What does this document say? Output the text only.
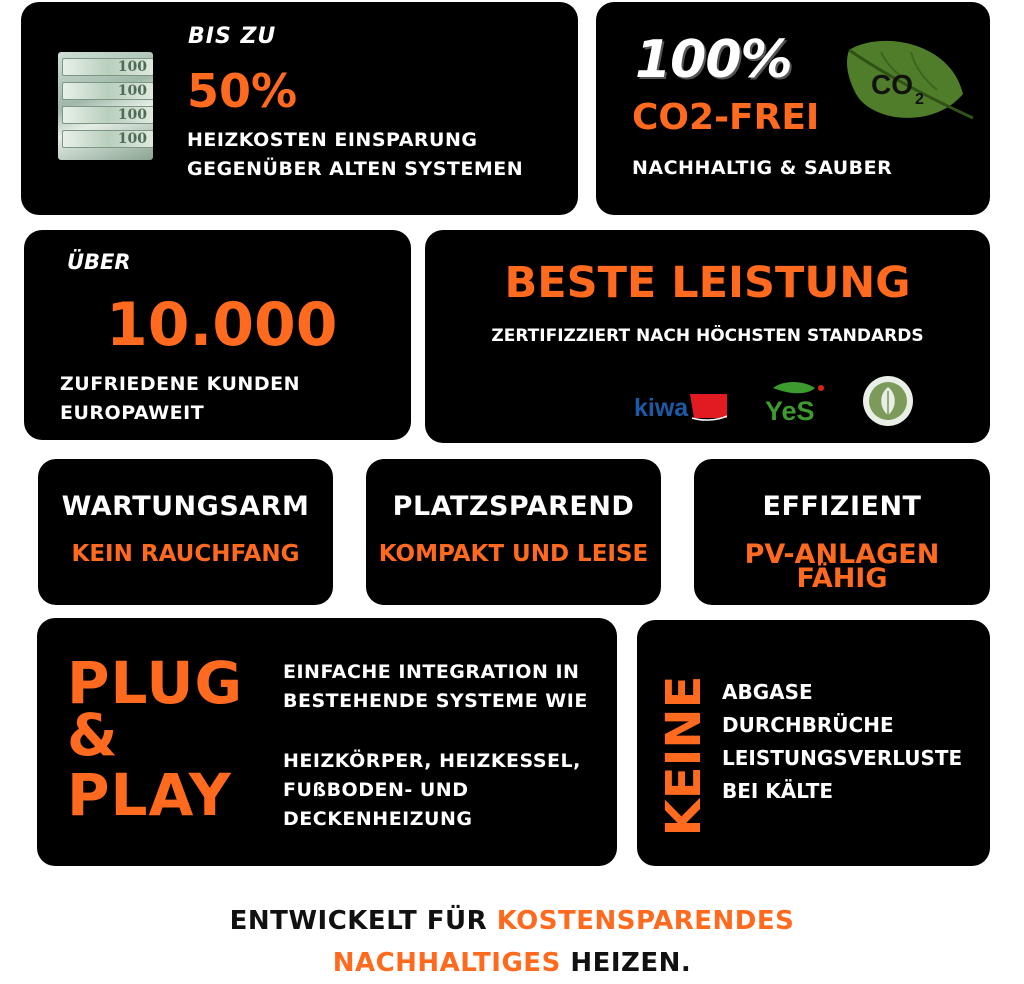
100
100
100
100
BIS ZU
50%
HEIZKOSTEN EINSPARUNG
GEGENÜBER ALTEN SYSTEMEN
100%
CO2-FREI
NACHHALTIG & SAUBER
CO 2
ÜBER
10.000
ZUFRIEDENE KUNDEN
EUROPAWEIT
BESTE LEISTUNG
ZERTIFIZZIERT NACH HÖCHSTEN STANDARDS
kiwa	YeS
WARTUNGSARM
KEIN RAUCHFANG
PLATZSPAREND
KOMPAKT UND LEISE
EFFIZIENT
PV-ANLAGEN
FÄHIG
PLUG
&
PLAY
EINFACHE INTEGRATION IN
BESTEHENDE SYSTEME WIE
HEIZKÖRPER, HEIZKESSEL,
FUßBODEN- UND
DECKENHEIZUNG	KEINE ABGASE
DURCHBRÜCHE
LEISTUNGSVERLUSTE
BEI KÄLTE
ENTWICKELT FÜR KOSTENSPARENDES
NACHHALTIGES HEIZEN.
